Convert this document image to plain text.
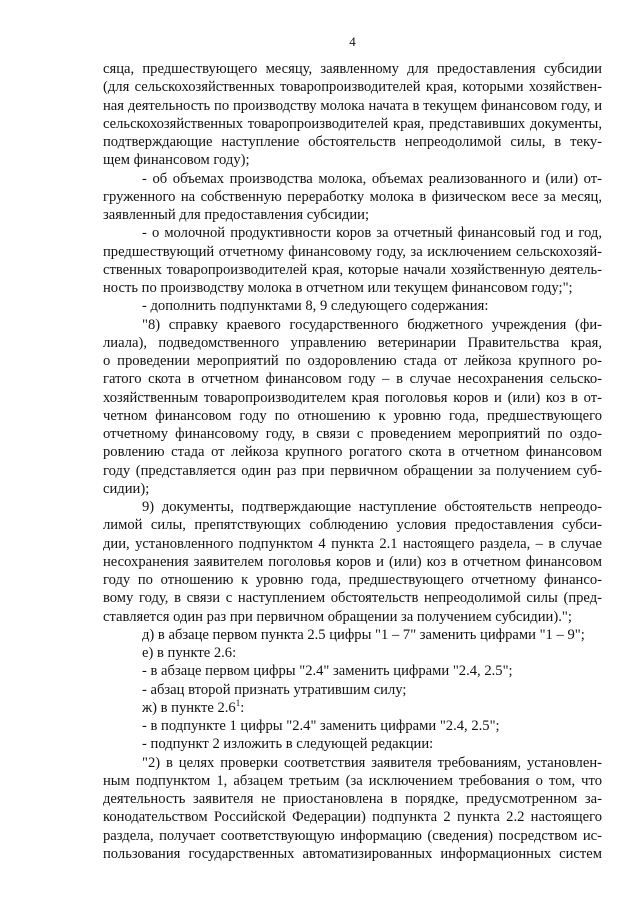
4
сяца, предшествующего месяцу, заявленному для предоставления субсидии
(для сельскохозяйственных товаропроизводителей края, которыми хозяйствен-
ная деятельность по производству молока начата в текущем финансовом году, и
сельскохозяйственных товаропроизводителей края, представивших документы,
подтверждающие наступление обстоятельств непреодолимой силы, в теку-
щем финансовом году);
- об объемах производства молока, объемах реализованного и (или) от-
груженного на собственную переработку молока в физическом весе за месяц,
заявленный для предоставления субсидии;
- о молочной продуктивности коров за отчетный финансовый год и год,
предшествующий отчетному финансовому году, за исключением сельскохозяй-
ственных товаропроизводителей края, которые начали хозяйственную деятель-
ность по производству молока в отчетном или текущем финансовом году;";
- дополнить подпунктами 8, 9 следующего содержания:
"8) справку краевого государственного бюджетного учреждения (фи-
лиала), подведомственного управлению ветеринарии Правительства края,
о проведении мероприятий по оздоровлению стада от лейкоза крупного ро-
гатого скота в отчетном финансовом году – в случае несохранения сельско-
хозяйственным товаропроизводителем края поголовья коров и (или) коз в от-
четном финансовом году по отношению к уровню года, предшествующего
отчетному финансовому году, в связи с проведением мероприятий по оздо-
ровлению стада от лейкоза крупного рогатого скота в отчетном финансовом
году (представляется один раз при первичном обращении за получением суб-
сидии);
9) документы, подтверждающие наступление обстоятельств непреодо-
лимой силы, препятствующих соблюдению условия предоставления субси-
дии, установленного подпунктом 4 пункта 2.1 настоящего раздела, – в случае
несохранения заявителем поголовья коров и (или) коз в отчетном финансовом
году по отношению к уровню года, предшествующего отчетному финансо-
вому году, в связи с наступлением обстоятельств непреодолимой силы (пред-
ставляется один раз при первичном обращении за получением субсидии).";
д) в абзаце первом пункта 2.5 цифры "1 – 7" заменить цифрами "1 – 9";
е) в пункте 2.6:
- в абзаце первом цифры "2.4" заменить цифрами "2.4, 2.5";
- абзац второй признать утратившим силу;
ж) в пункте $2.6^1$:
- в подпункте 1 цифры "2.4" заменить цифрами "2.4, 2.5";
- подпункт 2 изложить в следующей редакции:
"2) в целях проверки соответствия заявителя требованиям, установлен-
ным подпунктом 1, абзацем третьим (за исключением требования о том, что
деятельность заявителя не приостановлена в порядке, предусмотренном за-
конодательством Российской Федерации) подпункта 2 пункта 2.2 настоящего
раздела, получает соответствующую информацию (сведения) посредством ис-
пользования государственных автоматизированных информационных систем
